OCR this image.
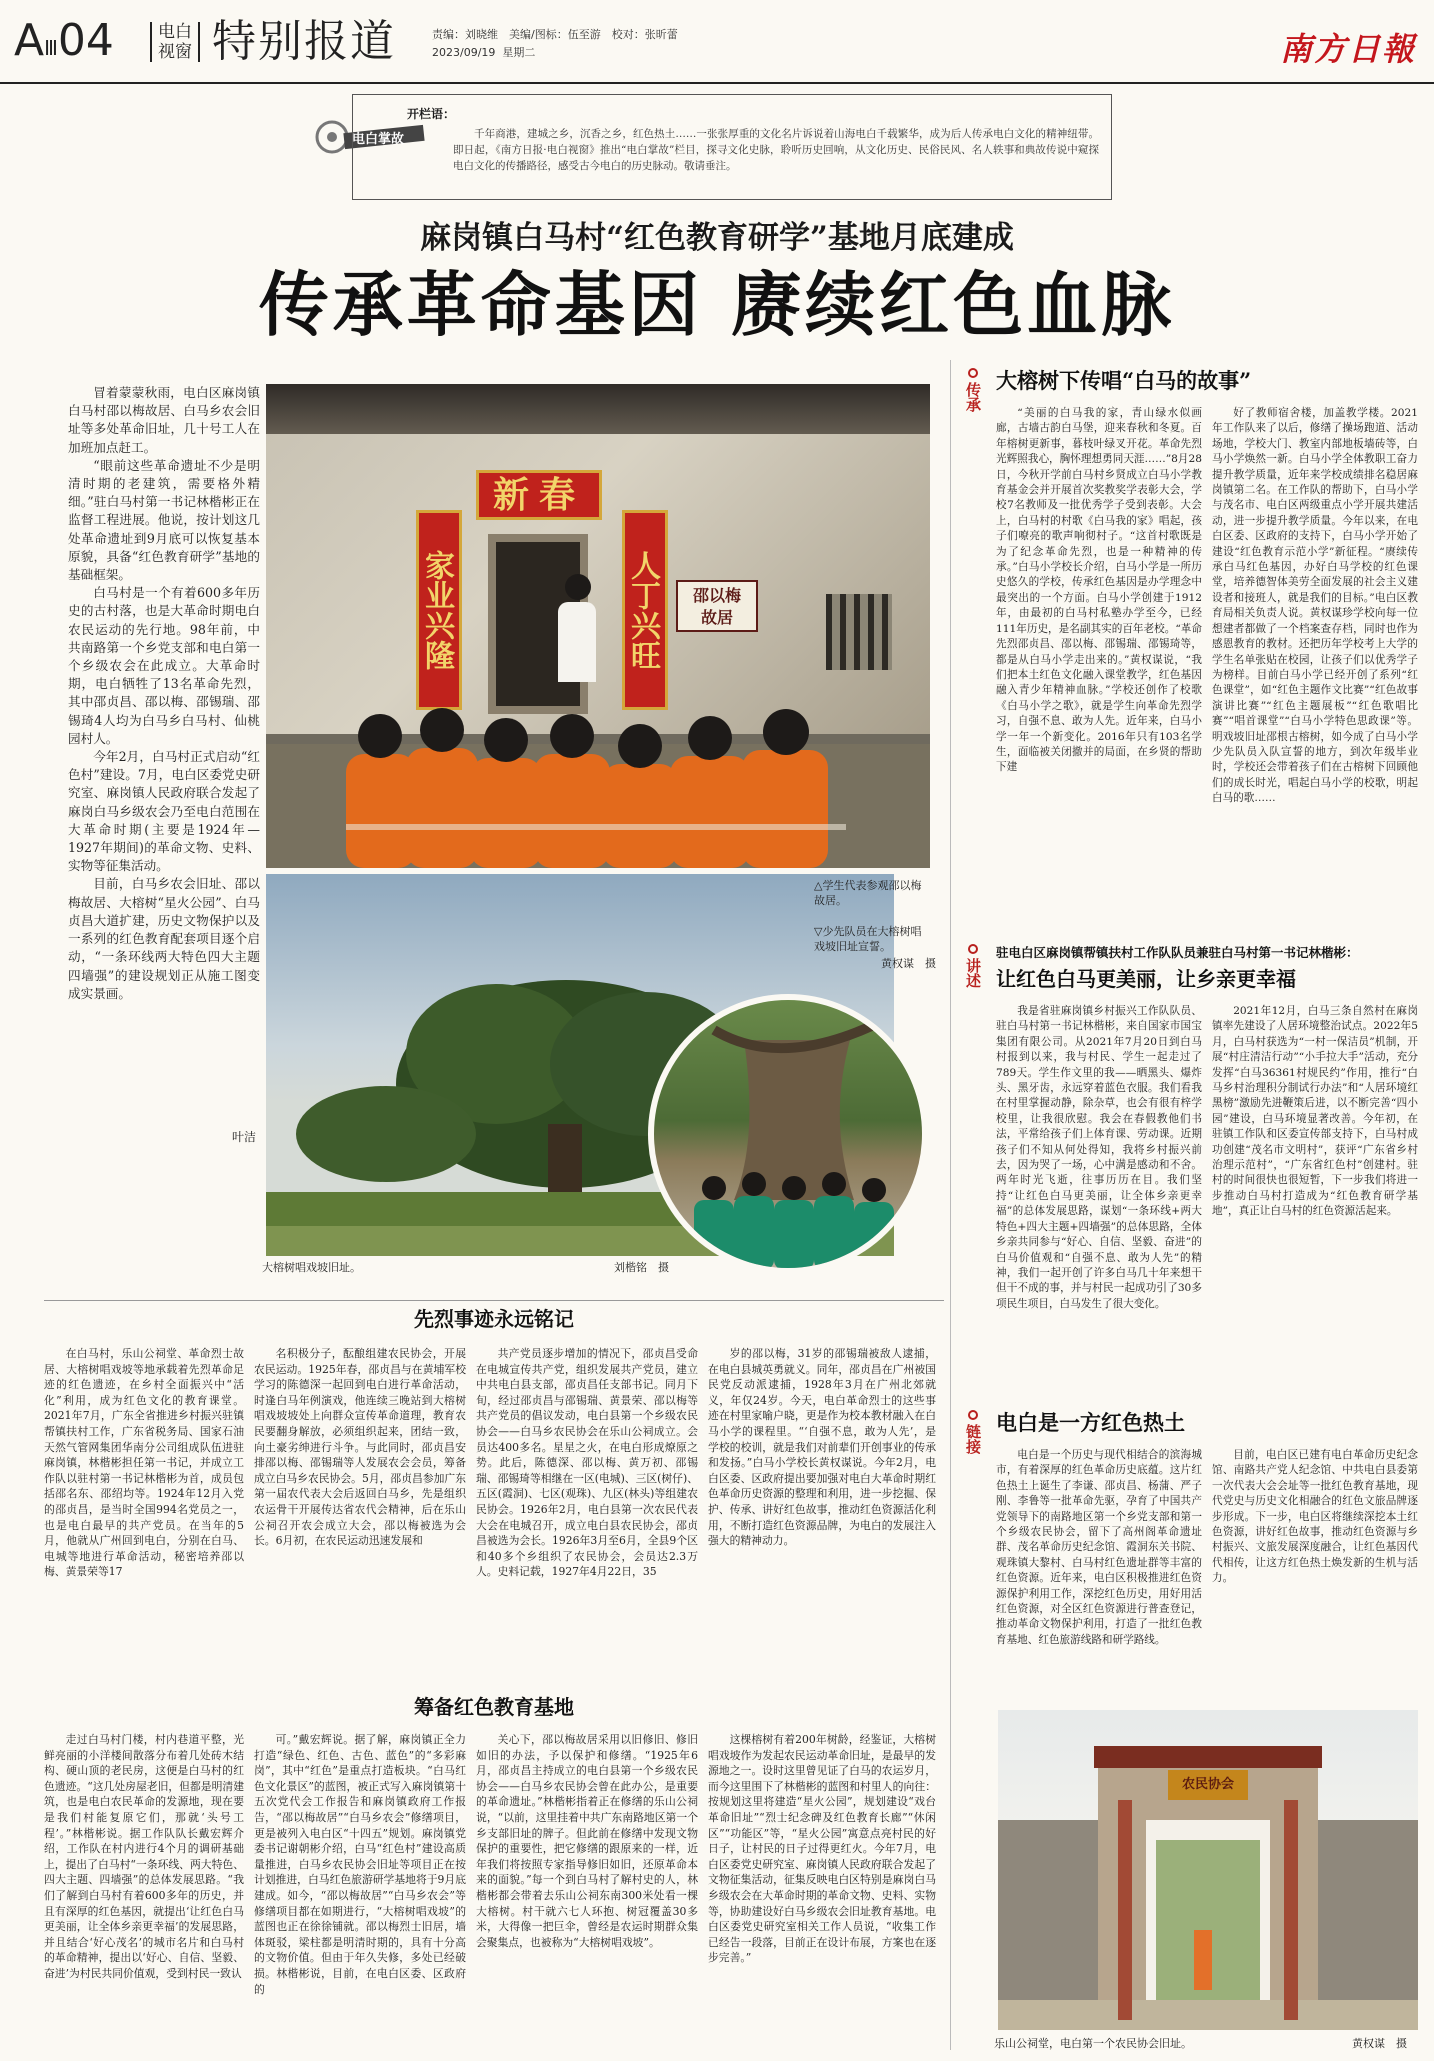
AⅢ04	电白
视窗 特别报道	责编：刘晓维　美编/图标：伍至游　校对：张昕蕾
2023/09/19 星期二	南方日報
电白掌故
开栏语：
千年商港，建城之乡，沉香之乡，红色热土……一张张厚重的文化名片诉说着山海电白千载繁华，成为后人传承电白文化的精神纽带。即日起，《南方日报·电白视窗》推出“电白掌故”栏目，探寻文化史脉，聆听历史回响，从文化历史、民俗民风、名人轶事和典故传说中窥探电白文化的传播路径，感受古今电白的历史脉动。敬请垂注。
麻岗镇白马村“红色教育研学”基地月底建成
传承革命基因 赓续红色血脉

冒着蒙蒙秋雨，电白区麻岗镇白马村邵以梅故居、白马乡农会旧址等多处革命旧址，几十号工人在加班加点赶工。

“眼前这些革命遗址不少是明清时期的老建筑，需要格外精细。”驻白马村第一书记林楷彬正在监督工程进展。他说，按计划这几处革命遗址到9月底可以恢复基本原貌，具备“红色教育研学”基地的基础框架。

白马村是一个有着600多年历史的古村落，也是大革命时期电白农民运动的先行地。98年前，中共南路第一个乡党支部和电白第一个乡级农会在此成立。大革命时期，电白牺牲了13名革命先烈，其中邵贞昌、邵以梅、邵锡瑞、邵锡琦4人均为白马乡白马村、仙桃园村人。

今年2月，白马村正式启动“红色村”建设。7月，电白区委党史研究室、麻岗镇人民政府联合发起了麻岗白马乡级农会乃至电白范围在大革命时期(主要是1924年—1927年期间)的革命文物、史料、实物等征集活动。

目前，白马乡农会旧址、邵以梅故居、大榕树“星火公园”、白马贞昌大道扩建，历史文物保护以及一系列的红色教育配套项目逐个启动，“一条环线两大特色四大主题四墙强”的建设规划正从施工图变成实景画。

叶洁
新春
家业兴隆	人丁兴旺	邵以梅
故居
大榕树唱戏坡旧址。	刘楷铭　摄
△学生代表参观邵以梅故居。
▽少先队员在大榕树唱戏坡旧址宣誓。
黄权谋　摄
传承
大榕树下传唱“白马的故事”
“美丽的白马我的家，青山绿水似画廊，古墙古韵白马堡，迎来春秋和冬夏。百年榕树更新事，暮枝叶绿叉开花。革命先烈光辉照我心，胸怀理想勇同天涯……”8月28日，今秋开学前白马村乡贤成立白马小学教育基金会并开展首次奖教奖学表彰大会，学校7名教师及一批优秀学子受到表彰。大会上，白马村的村歌《白马我的家》唱起，孩子们嘹亮的歌声响彻村子。“这首村歌既是为了纪念革命先烈，也是一种精神的传承。”白马小学校长介绍，白马小学是一所历史悠久的学校，传承红色基因是办学理念中最突出的一个方面。白马小学创建于1912年，由最初的白马村私塾办学至今，已经111年历史，是名副其实的百年老校。“革命先烈邵贞昌、邵以梅、邵锡瑞、邵锡琦等，都是从白马小学走出来的。”黄权谋说，“我们把本土红色文化融入课堂教学，红色基因融入青少年精神血脉。”学校还创作了校歌《白马小学之歌》，就是学生向革命先烈学习，自强不息、敢为人先。近年来，白马小学一年一个新变化。2016年只有103名学生，面临被关闭撤并的局面，在乡贤的帮助下建
好了教师宿舍楼，加盖教学楼。2021年工作队来了以后，修缮了操场跑道、活动场地，学校大门、教室内部地板墙砖等，白马小学焕然一新。白马小学全体教职工奋力提升教学质量，近年来学校成绩排名稳居麻岗镇第二名。在工作队的帮助下，白马小学与茂名市、电白区两级重点小学开展共建活动，进一步提升教学质量。今年以来，在电白区委、区政府的支持下，白马小学开始了建设“红色教育示范小学”新征程。“赓续传承白马红色基因，办好白马学校的红色课堂，培养德智体美劳全面发展的社会主义建设者和接班人，就是我们的目标。”电白区教育局相关负责人说。黄权谋珍学校向每一位想建者都做了一个档案查存档，同时也作为感恩教育的教材。还把历年学校考上大学的学生名单张贴在校园，让孩子们以优秀学子为榜样。目前白马小学已经开创了系列“红色课堂”，如“红色主题作文比赛”“红色故事演讲比赛”“红色主题展板”“红色歌唱比赛”“唱首课堂”“白马小学特色思政课”等。明戏坡旧址邵根古榕树，如今成了白马小学少先队员入队宣誓的地方，到次年级毕业时，学校还会带着孩子们在古榕树下回顾他们的成长时光，唱起白马小学的校歌，明起白马的歌……
讲述
驻电白区麻岗镇帮镇扶村工作队队员兼驻白马村第一书记林楷彬：
让红色白马更美丽，让乡亲更幸福
我是省驻麻岗镇乡村振兴工作队队员、驻白马村第一书记林楷彬，来自国家市国宝集团有限公司。从2021年7月20日到白马村报到以来，我与村民、学生一起走过了789天。学生作文里的我——晒黑头、爆炸头、黑牙齿，永远穿着蓝色衣服。我们看我在村里掌握动静，除杂草，也会有很有梓学校里，让我很欣慰。我会在春假教他们书法，平常给孩子们上体育课、劳动课。近期孩子们不知从何处得知，我将乡村振兴前去，因为哭了一场，心中满是感动和不舍。两年时光飞逝，往事历历在目。我们坚持“让红色白马更美丽，让全体乡亲更幸福”的总体发展思路，谋划“一条环线+两大特色+四大主题+四墙强”的总体思路，全体乡亲共同参与“好心、自信、坚毅、奋进”的白马价值观和“自强不息、敢为人先”的精神，我们一起开创了许多白马几十年来想干但干不成的事，并与村民一起成功引了30多项民生项目，白马发生了很大变化。
2021年12月，白马三条自然村在麻岗镇率先建设了人居环境整治试点。2022年5月，白马村获选为“一村一保洁员”机制，开展“村庄清洁行动”“小手拉大手”活动，充分发挥“白马36361村规民约”作用，推行“白马乡村治理积分制试行办法”和“人居环境红黑榜”激励先进鞭策后进，以不断完善“四小园”建设，白马环境显著改善。今年初，在驻镇工作队和区委宣传部支持下，白马村成功创建“茂名市文明村”，获评“广东省乡村治理示范村”，“广东省红色村”创建村。驻村的时间很快也很短暂，下一步我们将进一步推动白马村打造成为“红色教育研学基地”，真正让白马村的红色资源活起来。
链接
电白是一方红色热土
电白是一个历史与现代相结合的滨海城市，有着深厚的红色革命历史底蕴。这片红色热土上诞生了李谦、邵贞昌、杨蒲、严子刚、李鲁等一批革命先驱，孕育了中国共产党领导下的南路地区第一个乡党支部和第一个乡级农民协会，留下了高州阁革命遗址群、茂名革命历史纪念馆、霞洞东关书院、观珠镇大黎村、白马村红色遗址群等丰富的红色资源。近年来，电白区积极推进红色资源保护利用工作，深挖红色历史，用好用活红色资源，对全区红色资源进行普查登记，推动革命文物保护利用，打造了一批红色教育基地、红色旅游线路和研学路线。
目前，电白区已建有电白革命历史纪念馆、南路共产党人纪念馆、中共电白县委第一次代表大会会址等一批红色教育基地，现代党史与历史文化相融合的红色文旅品牌逐步形成。下一步，电白区将继续深挖本土红色资源，讲好红色故事，推动红色资源与乡村振兴、文旅发展深度融合，让红色基因代代相传，让这方红色热土焕发新的生机与活力。
农民协会
乐山公祠堂，电白第一个农民协会旧址。	黄权谋　摄
先烈事迹永远铭记
在白马村，乐山公祠堂、革命烈士故居、大榕树唱戏坡等地承载着先烈革命足迹的红色遗迹，在乡村全面振兴中“活化”利用，成为红色文化的教育课堂。2021年7月，广东全省推进乡村振兴驻镇帮镇扶村工作，广东省税务局、国家石油天然气管网集团华南分公司组成队伍进驻麻岗镇，林楷彬担任第一书记，并成立工作队以驻村第一书记林楷彬为首，成员包括邵名东、邵绍均等。1924年12月入党的邵贞昌，是当时全国994名党员之一，也是电白最早的共产党员。在当年的5月，他就从广州回到电白，分别在白马、电城等地进行革命活动，秘密培养邵以梅、黄景荣等17
名积极分子，酝酿组建农民协会，开展农民运动。1925年春，邵贞昌与在黄埔军校学习的陈德深一起回到电白进行革命活动，时逢白马年例演戏，他连续三晚站到大榕树唱戏坡坡处上向群众宣传革命道理，教育农民要翻身解放，必须组织起来，团结一致，向土豪劣绅进行斗争。与此同时，邵贞昌安排邵以梅、邵锡瑞等人发展农会会员，筹备成立白马乡农民协会。5月，邵贞昌参加广东第一届农代表大会后返回白马乡，先是组织农运骨干开展传达省农代会精神，后在乐山公祠召开农会成立大会，邵以梅被选为会长。6月初，在农民运动迅速发展和
共产党员逐步增加的情况下，邵贞昌受命在电城宣传共产党，组织发展共产党员，建立中共电白县支部，邵贞昌任支部书记。同月下旬，经过邵贞昌与邵锡瑞、黄景荣、邵以梅等共产党员的倡议发动，电白县第一个乡级农民协会——白马乡农民协会在乐山公祠成立。会员达400多名。星星之火，在电白形成燎原之势。此后，陈德深、邵以梅、黄万初、邵锡瑞、邵锡琦等相继在一区(电城)、三区(树仔)、五区(霞洞)、七区(观珠)、九区(林头)等组建农民协会。1926年2月，电白县第一次农民代表大会在电城召开，成立电白县农民协会，邵贞昌被选为会长。1926年3月至6月，全县9个区和40多个乡组织了农民协会，会员达2.3万人。史料记载，1927年4月22日，35
岁的邵以梅，31岁的邵锡瑞被敌人逮捕，在电白县城英勇就义。同年，邵贞昌在广州被国民党反动派逮捕，1928年3月在广州北郊就义，年仅24岁。今天，电白革命烈士的这些事迹在村里家喻户晓，更是作为校本教材融入在白马小学的课程里。“‘自强不息，敢为人先’，是学校的校训，就是我们对前辈们开创事业的传承和发扬。”白马小学校长黄权谋说。今年2月，电白区委、区政府提出要加强对电白大革命时期红色革命历史资源的整理和利用，进一步挖掘、保护、传承、讲好红色故事，推动红色资源活化利用，不断打造红色资源品牌，为电白的发展注入强大的精神动力。
筹备红色教育基地
走过白马村门楼，村内巷道平整，光鲜亮丽的小洋楼间散落分布着几处砖木结构、硬山顶的老民房，这便是白马村的红色遗迹。“这几处房屋老旧，但都是明清建筑，也是电白农民革命的发源地，现在要是我们村能复原它们，那就‘头号工程’。”林楷彬说。据工作队队长戴宏辉介绍，工作队在村内进行4个月的调研基础上，提出了白马村“一条环线、两大特色、四大主题、四墙强”的总体发展思路。“我们了解到白马村有着600多年的历史，并且有深厚的红色基因，就提出‘让红色白马更美丽，让全体乡亲更幸福’的发展思路，并且结合‘好心茂名’的城市名片和白马村的革命精神，提出以‘好心、自信、坚毅、奋进’为村民共同价值观，受到村民一致认
可。”戴宏辉说。据了解，麻岗镇正全力打造“绿色、红色、古色、蓝色”的“多彩麻岗”，其中“红色”是重点打造板块。“白马红色文化景区”的蓝图，被正式写入麻岗镇第十五次党代会工作报告和麻岗镇政府工作报告，“邵以梅故居”“白马乡农会”修缮项目，更是被列入电白区“十四五”规划。麻岗镇党委书记谢朝彬介绍，白马“红色村”建设高质量推进，白马乡农民协会旧址等项目正在按计划推进，白马红色旅游研学基地将于9月底建成。如今，“邵以梅故居”“白马乡农会”等修缮项目都在如期进行，“大榕树唱戏坡”的蓝图也正在徐徐铺就。邵以梅烈士旧居，墙体斑驳，梁柱都是明清时期的，具有十分高的文物价值。但由于年久失修，多处已经破损。林楷彬说，目前，在电白区委、区政府的
关心下，邵以梅故居采用以旧修旧、修旧如旧的办法，予以保护和修缮。“1925年6月，邵贞昌主持成立的电白县第一个乡级农民协会——白马乡农民协会曾在此办公，是重要的革命遗址。”林楷彬指着正在修缮的乐山公祠说，“以前，这里挂着中共广东南路地区第一个乡支部旧址的牌子。但此前在修缮中发现文物保护的重要性，把它修缮的跟原来的一样，近年我们将按照专家指导修旧如旧，还原革命本来的面貌。”每一个到白马村了解村史的人，林楷彬都会带着去乐山公祠东南300米处看一棵大榕树。村干就六七人环抱、树冠覆盖30多米，大得像一把巨伞，曾经是农运时期群众集会聚集点，也被称为“大榕树唱戏坡”。
这棵榕树有着200年树龄，经鉴证，大榕树唱戏坡作为发起农民运动革命旧址，是最早的发源地之一。设时这里曾见证了白马的农运岁月，而今这里围下了林楷彬的蓝图和村里人的向往：按规划这里将建造“星火公园”，规划建设“戏台革命旧址”“烈士纪念碑及红色教育长廊”“休闲区”“功能区”等，“星火公园”寓意点亮村民的好日子，让村民的日子过得更红火。今年7月，电白区委党史研究室、麻岗镇人民政府联合发起了文物征集活动，征集反映电白区特别是麻岗白马乡级农会在大革命时期的革命文物、史料、实物等，协助建设好白马乡级农会旧址教育基地。电白区委党史研究室相关工作人员说，“收集工作已经告一段落，目前正在设计布展，方案也在逐步完善。”
